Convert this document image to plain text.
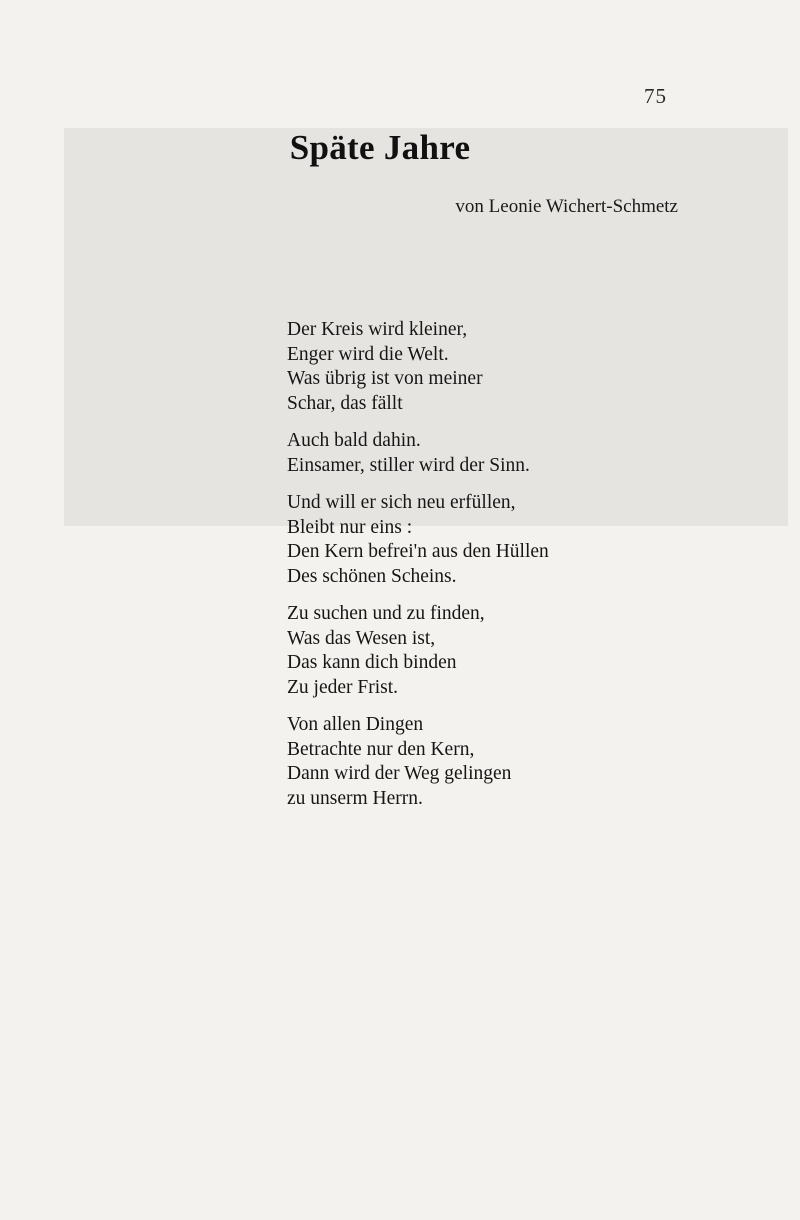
75
Späte Jahre
von Leonie Wichert-Schmetz
Der Kreis wird kleiner,
Enger wird die Welt.
Was übrig ist von meiner
Schar, das fällt
Auch bald dahin.
Einsamer, stiller wird der Sinn.
Und will er sich neu erfüllen,
Bleibt nur eins :
Den Kern befrei'n aus den Hüllen
Des schönen Scheins.
Zu suchen und zu finden,
Was das Wesen ist,
Das kann dich binden
Zu jeder Frist.
Von allen Dingen
Betrachte nur den Kern,
Dann wird der Weg gelingen
zu unserm Herrn.
